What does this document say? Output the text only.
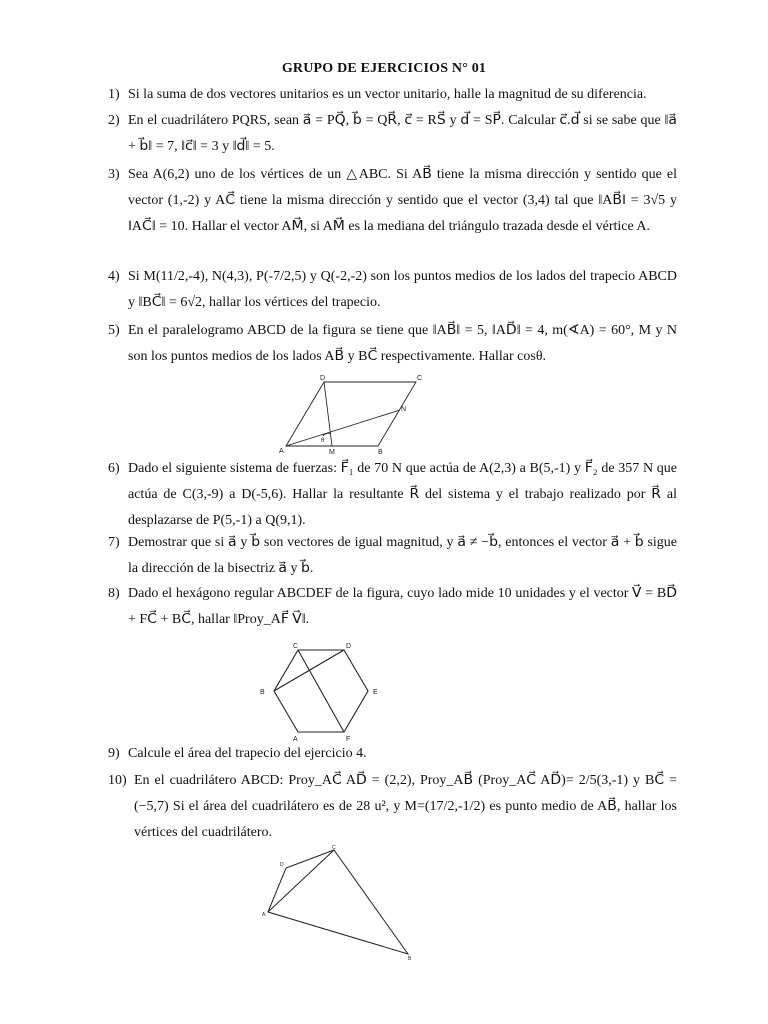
GRUPO DE EJERCICIOS N° 01
1) Si la suma de dos vectores unitarios es un vector unitario, halle la magnitud de su diferencia.
2) En el cuadrilátero PQRS, sean a⃗ = PQ⃗, b⃗ = QR⃗, c⃗ = RS⃗ y d⃗ = SP⃗. Calcular c⃗.d⃗ si se sabe que ‖a⃗ + b⃗‖ = 7, ‖c⃗‖ = 3 y ‖d⃗‖ = 5.
3) Sea A(6,2) uno de los vértices de un △ABC. Si AB⃗ tiene la misma dirección y sentido que el vector (1,-2) y AC⃗ tiene la misma dirección y sentido que el vector (3,4) tal que ‖AB⃗‖ = 3√5 y ‖AC⃗‖ = 10. Hallar el vector AM⃗, si AM⃗ es la mediana del triángulo trazada desde el vértice A.
4) Si M(11/2,-4), N(4,3), P(-7/2,5) y Q(-2,-2) son los puntos medios de los lados del trapecio ABCD y ‖BC⃗‖ = 6√2, hallar los vértices del trapecio.
5) En el paralelogramo ABCD de la figura se tiene que ‖AB⃗‖ = 5, ‖AD⃗‖ = 4, m(∢A) = 60°, M y N son los puntos medios de los lados AB⃗ y BC⃗ respectivamente. Hallar cosθ.
D	C
N
A	M	B
θ
6) Dado el siguiente sistema de fuerzas: F⃗₁ de 70 N que actúa de A(2,3) a B(5,-1) y F⃗₂ de 357 N que actúa de C(3,-9) a D(-5,6). Hallar la resultante R⃗ del sistema y el trabajo realizado por R⃗ al desplazarse de P(5,-1) a Q(9,1).
7) Demostrar que si a⃗ y b⃗ son vectores de igual magnitud, y a⃗ ≠ −b⃗, entonces el vector a⃗ + b⃗ sigue la dirección de la bisectriz a⃗ y b⃗.
8) Dado el hexágono regular ABCDEF de la figura, cuyo lado mide 10 unidades y el vector V⃗ = BD⃗ + FC⃗ + BC⃗, hallar ‖Proy_AF⃗ V⃗‖.
C	D
B	E
A	F
9) Calcule el área del trapecio del ejercicio 4.
10) En el cuadrilátero ABCD: Proy_AC⃗ AD⃗ = (2,2), Proy_AB⃗ (Proy_AC⃗ AD⃗)= 2/5(3,-1) y BC⃗ = (−5,7) Si el área del cuadrilátero es de 28 u², y M=(17/2,-1/2) es punto medio de AB⃗, hallar los vértices del cuadrilátero.
C
D
A
B
